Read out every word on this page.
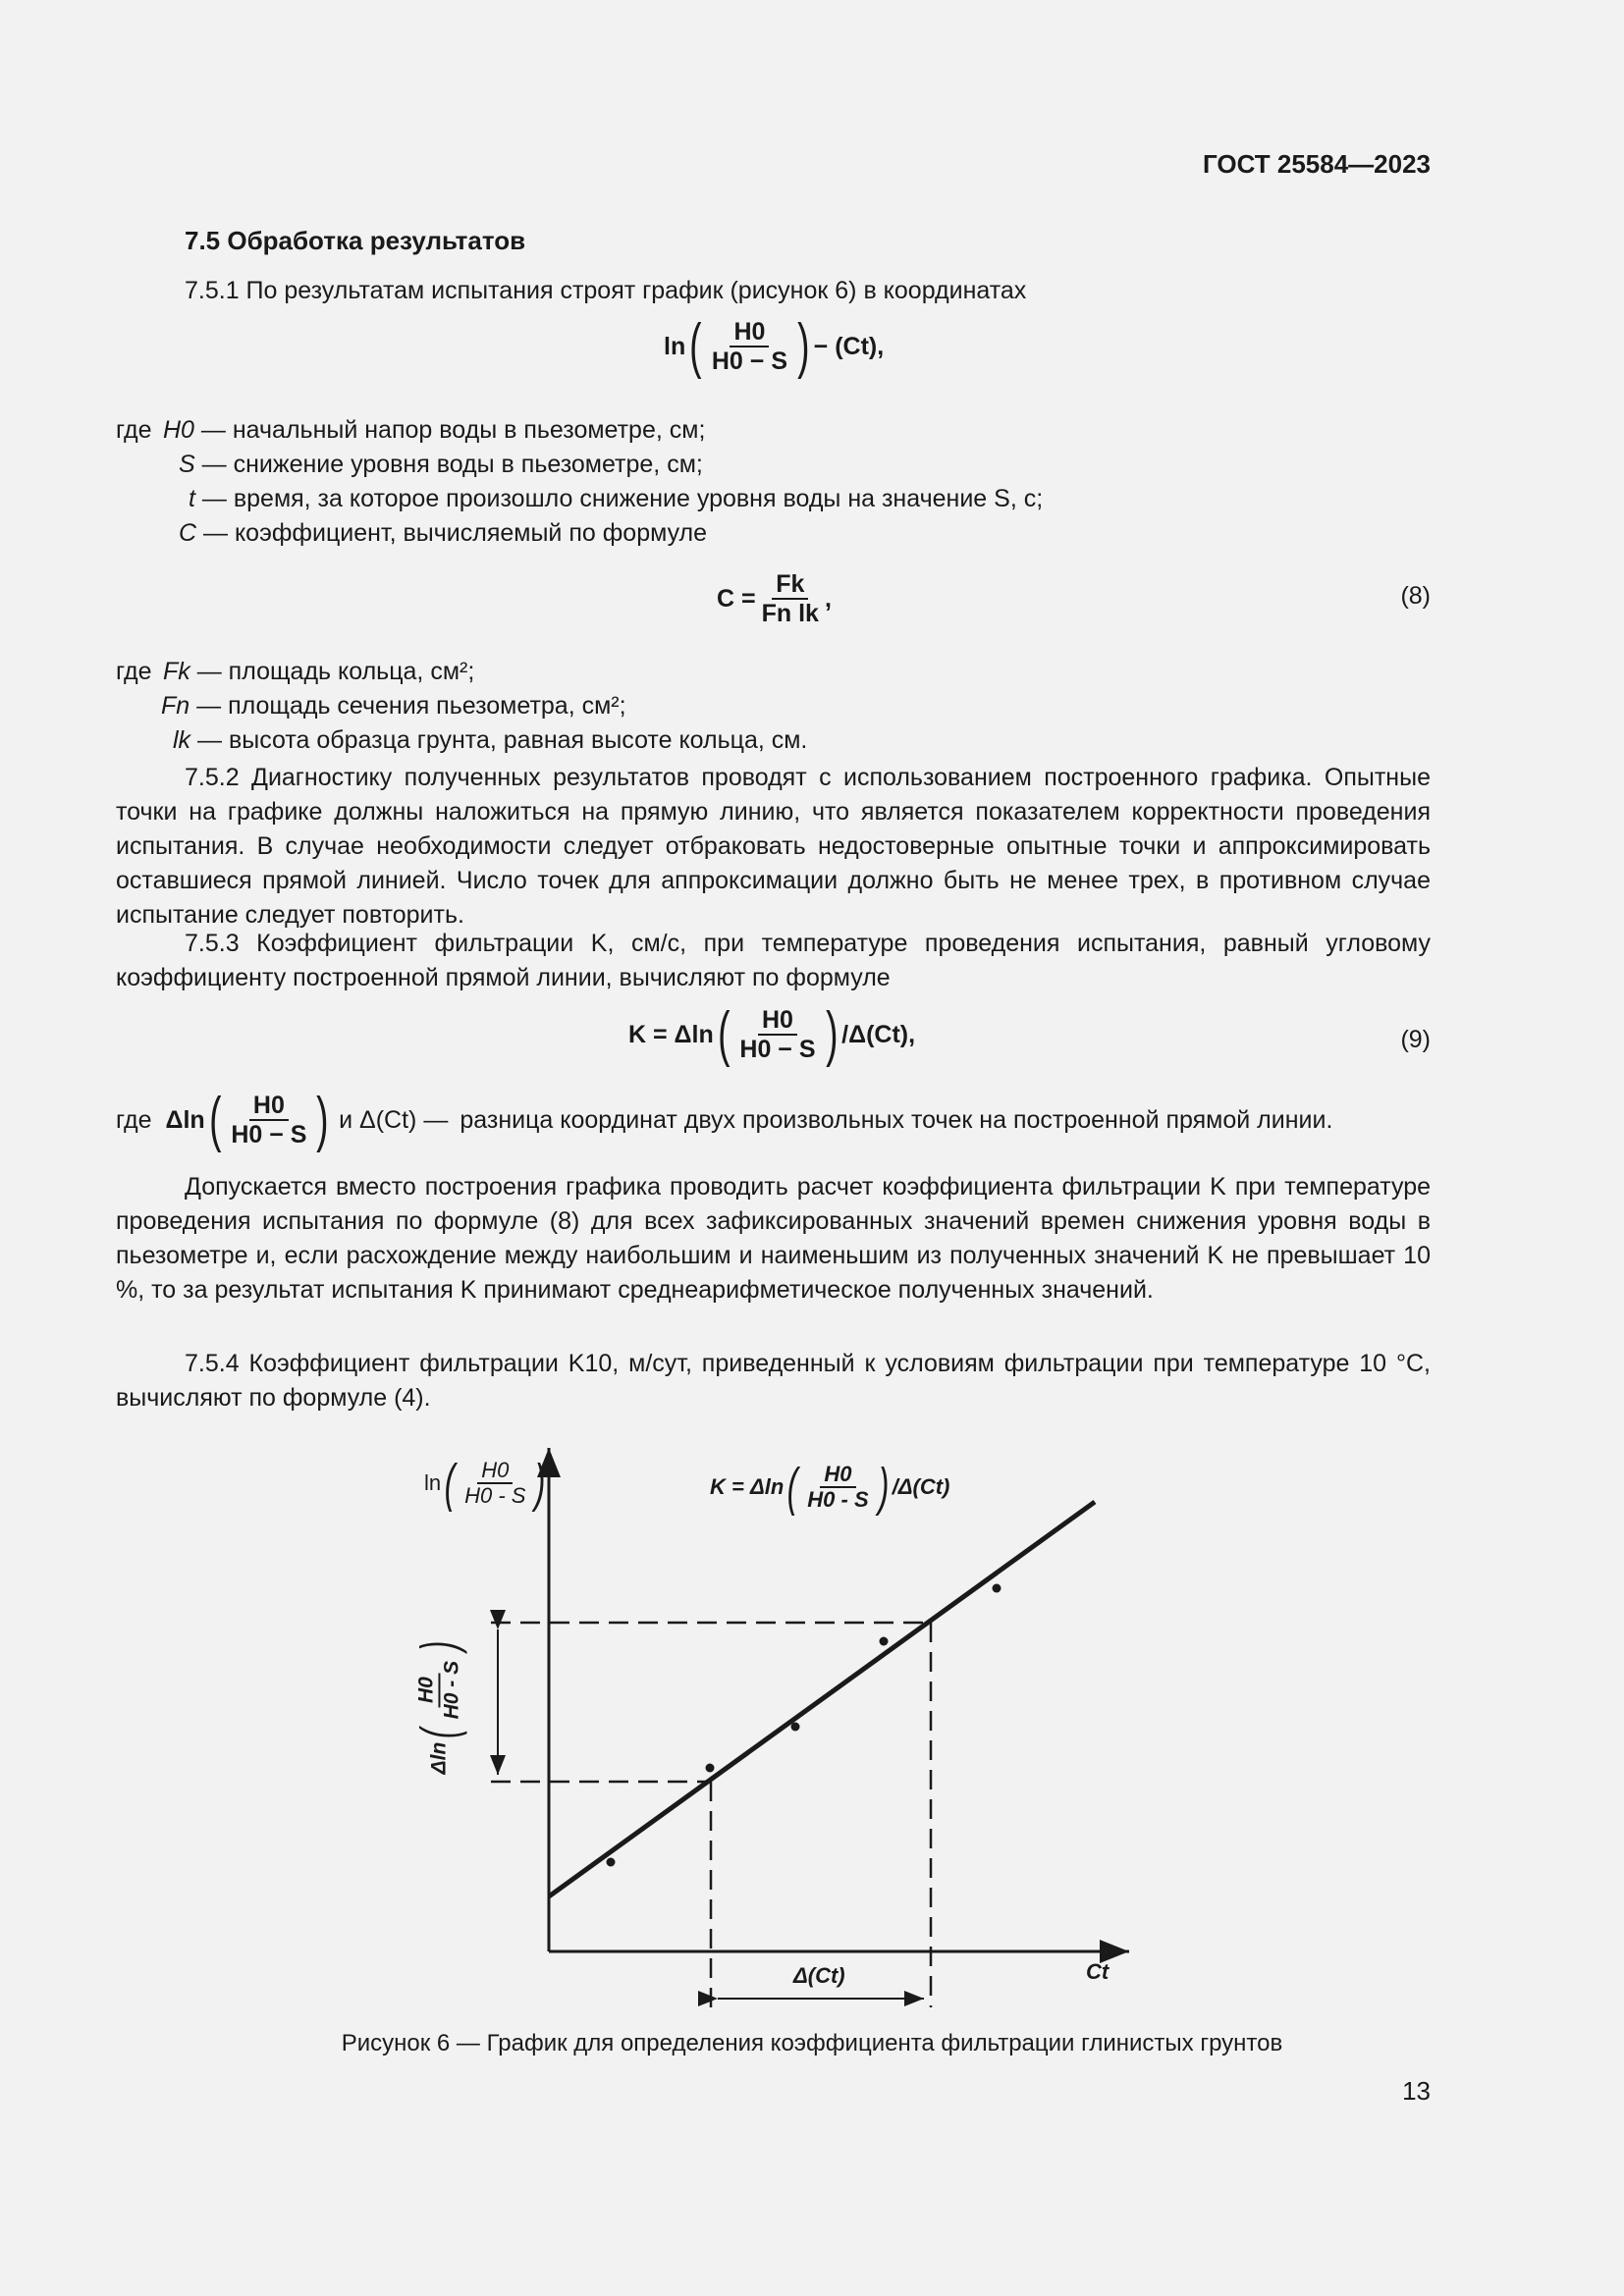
ГОСТ 25584—2023
7.5 Обработка результатов
7.5.1 По результатам испытания строят график (рисунок 6) в координатах
ln ( $\frac{H0}{H0 - S}$ ) − (Ct),
где H0 — начальный напор воды в пьезометре, см;
S — снижение уровня воды в пьезометре, см;
t — время, за которое произошло снижение уровня воды на значение S, с;
C — коэффициент, вычисляемый по формуле
$C = \frac{Fk}{\text{Fn lk}}$ ,	(8)
где Fk — площадь кольца, см²;
Fn — площадь сечения пьезометра, см²;
lk — высота образца грунта, равная высоте кольца, см.
7.5.2 Диагностику полученных результатов проводят с использованием построенного графика. Опытные точки на графике должны наложиться на прямую линию, что является показателем корректности проведения испытания. В случае необходимости следует отбраковать недостоверные опытные точки и аппроксимировать оставшиеся прямой линией. Число точек для аппроксимации должно быть не менее трех, в противном случае испытание следует повторить.
7.5.3 Коэффициент фильтрации K, см/с, при температуре проведения испытания, равный угловому коэффициенту построенной прямой линии, вычисляют по формуле
K = Δln ( $\frac{H0}{H0 - S}$ ) /Δ(Ct),	(9)
где Δln ( $\frac{H0}{H0 - S}$ ) и Δ(Ct) — разница координат двух произвольных точек на построенной прямой линии.
Допускается вместо построения графика проводить расчет коэффициента фильтрации K при температуре проведения испытания по формуле (8) для всех зафиксированных значений времен снижения уровня воды в пьезометре и, если расхождение между наибольшим и наименьшим из полученных значений K не превышает 10 %, то за результат испытания K принимают среднеарифметическое полученных значений.
7.5.4 Коэффициент фильтрации K10, м/сут, приведенный к условиям фильтрации при температуре 10 °С, вычисляют по формуле (4).
ln ( $\frac{H0}{H0 - S}$ )	K = Δln ( $\frac{H0}{H0 - S}$ ) /Δ(Ct)
Δln
(
H0 H0 - S
)
Δ(Ct)	Ct
Рисунок 6 — График для определения коэффициента фильтрации глинистых грунтов
13
